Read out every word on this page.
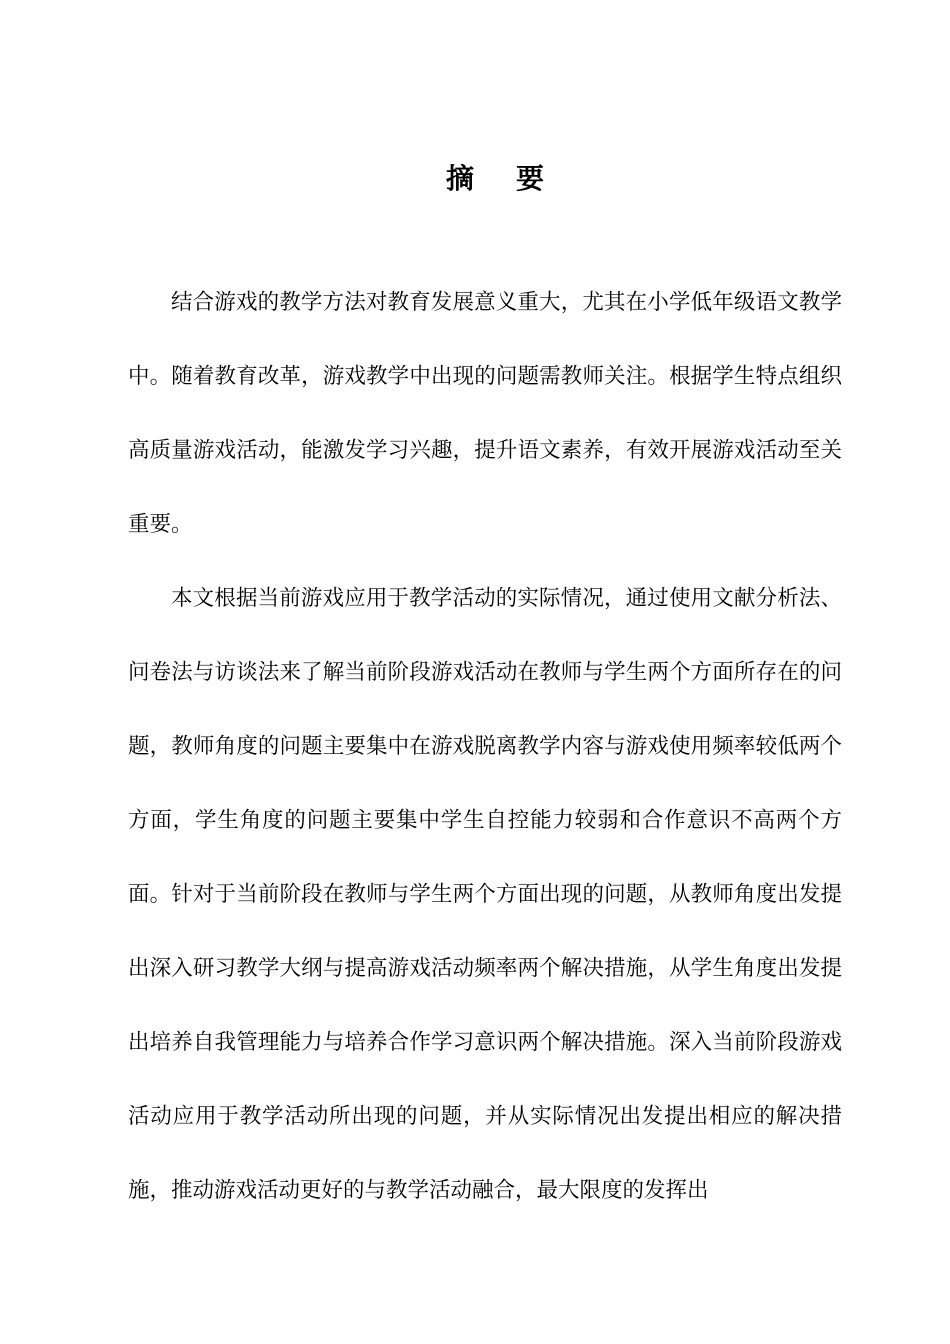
摘 要

结合游戏的教学方法对教育发展意义重大，尤其在小学低年级语文教学中。随着教育改革，游戏教学中出现的问题需教师关注。根据学生特点组织高质量游戏活动，能激发学习兴趣，提升语文素养，有效开展游戏活动至关重要。

本文根据当前游戏应用于教学活动的实际情况，通过使用文献分析法、问卷法与访谈法来了解当前阶段游戏活动在教师与学生两个方面所存在的问题，教师角度的问题主要集中在游戏脱离教学内容与游戏使用频率较低两个方面，学生角度的问题主要集中学生自控能力较弱和合作意识不高两个方面。针对于当前阶段在教师与学生两个方面出现的问题，从教师角度出发提出深入研习教学大纲与提高游戏活动频率两个解决措施，从学生角度出发提出培养自我管理能力与培养合作学习意识两个解决措施。深入当前阶段游戏活动应用于教学活动所出现的问题，并从实际情况出发提出相应的解决措施，推动游戏活动更好的与教学活动融合，最大限度的发挥出
